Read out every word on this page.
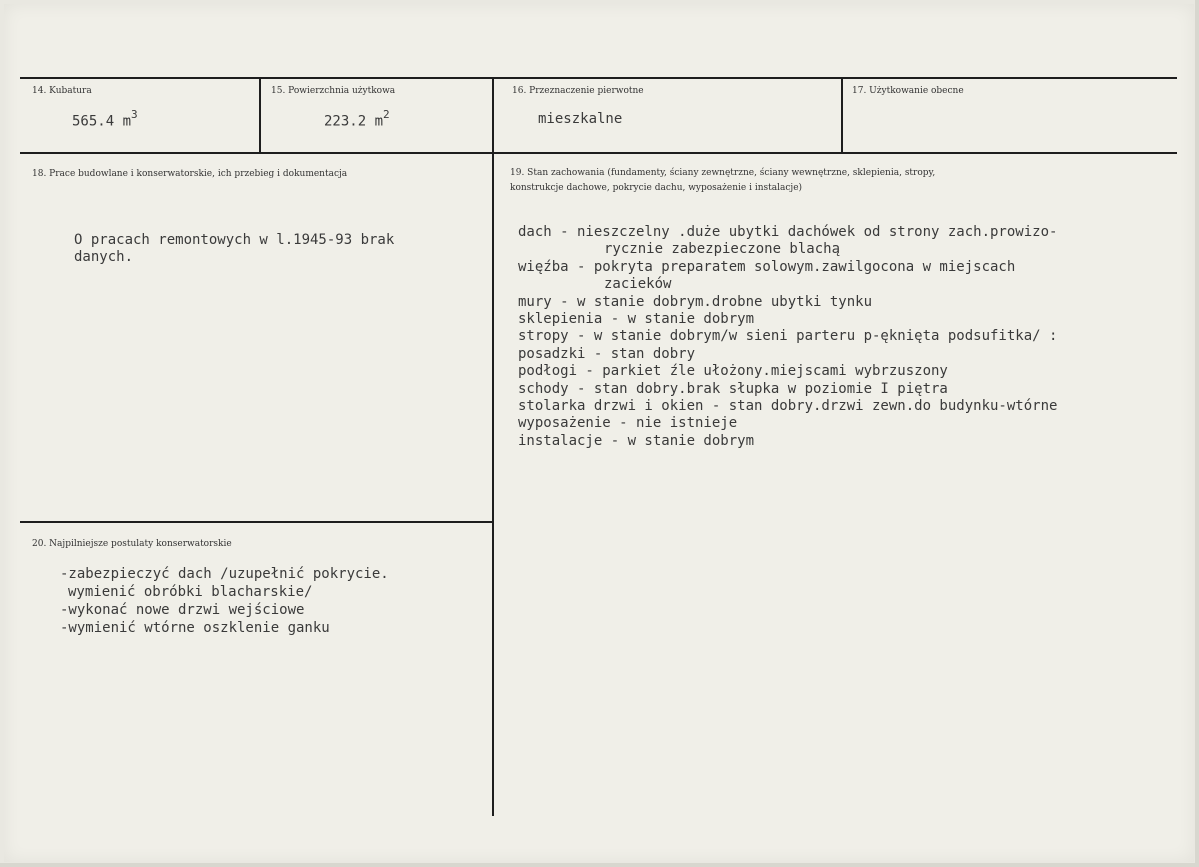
14. Kubatura
565.4 $m^3$
15. Powierzchnia użytkowa
223.2 $m^2$
16. Przeznaczenie pierwotne
mieszkalne
17. Użytkowanie obecne
18. Prace budowlane i konserwatorskie, ich przebieg i dokumentacja
O pracach remontowych w l.1945-93 brak
danych.
19. Stan zachowania (fundamenty, ściany zewnętrzne, ściany wewnętrzne, sklepienia, stropy,
konstrukcje dachowe, pokrycie dachu, wyposażenie i instalacje)
dach - nieszczelny .duże ubytki dachówek od strony zach.prowizo-
rycznie zabezpieczone blachą
więźba - pokryta preparatem solowym.zawilgocona w miejscach
zacieków
mury - w stanie dobrym.drobne ubytki tynku
sklepienia - w stanie dobrym
stropy - w stanie dobrym/w sieni parteru p-ęknięta podsufitka/ :
posadzki - stan dobry
podłogi - parkiet źle ułożony.miejscami wybrzuszony
schody - stan dobry.brak słupka w poziomie I piętra
stolarka drzwi i okien - stan dobry.drzwi zewn.do budynku-wtórne
wyposażenie - nie istnieje
instalacje - w stanie dobrym
20. Najpilniejsze postulaty konserwatorskie
-zabezpieczyć dach /uzupełnić pokrycie.
wymienić obróbki blacharskie/
-wykonać nowe drzwi wejściowe
-wymienić wtórne oszklenie ganku
